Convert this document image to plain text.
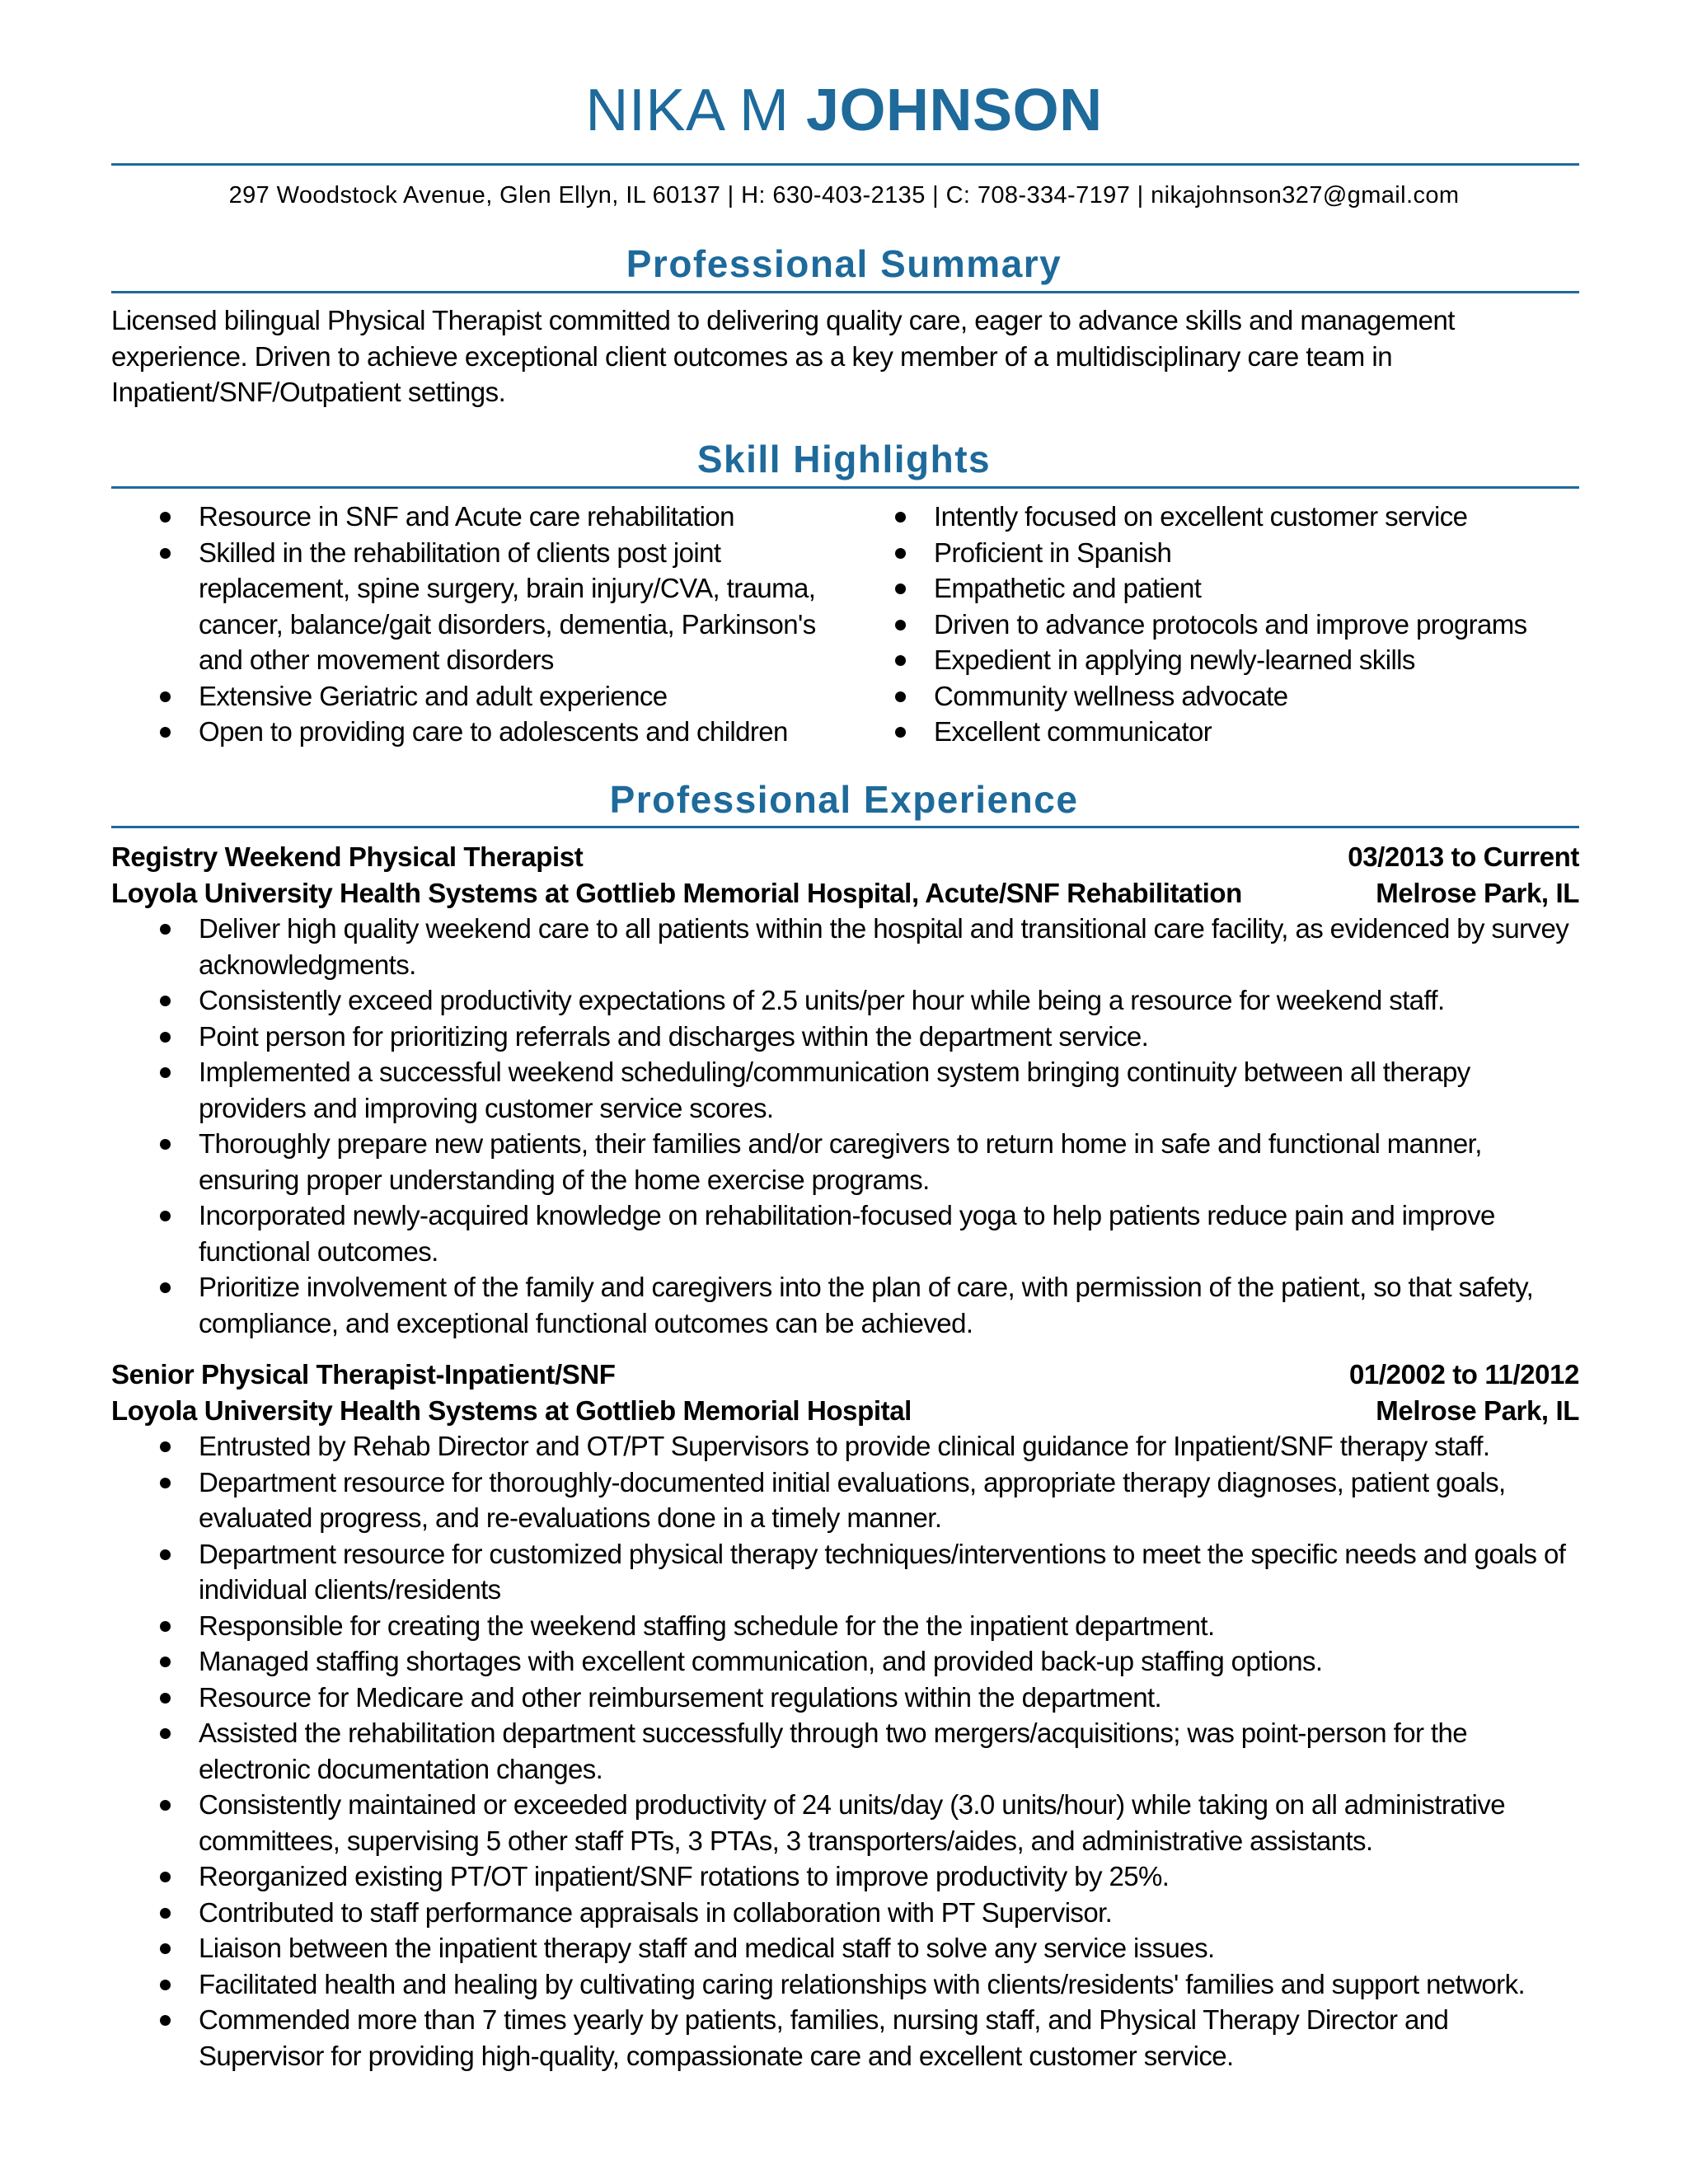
NIKA M JOHNSON
297 Woodstock Avenue, Glen Ellyn, IL 60137 | H: 630-403-2135 | C: 708-334-7197 | nikajohnson327@gmail.com
Professional Summary
Licensed bilingual Physical Therapist committed to delivering quality care, eager to advance skills and management experience. Driven to achieve exceptional client outcomes as a key member of a multidisciplinary care team in Inpatient/SNF/Outpatient settings.
Skill Highlights
Resource in SNF and Acute care rehabilitation
Skilled in the rehabilitation of clients post joint replacement, spine surgery, brain injury/CVA, trauma, cancer, balance/gait disorders, dementia, Parkinson's and other movement disorders
Extensive Geriatric and adult experience
Open to providing care to adolescents and children
Intently focused on excellent customer service
Proficient in Spanish
Empathetic and patient
Driven to advance protocols and improve programs
Expedient in applying newly-learned skills
Community wellness advocate
Excellent communicator
Professional Experience
Registry Weekend Physical Therapist	03/2013 to Current
Loyola University Health Systems at Gottlieb Memorial Hospital, Acute/SNF Rehabilitation	Melrose Park, IL
Deliver high quality weekend care to all patients within the hospital and transitional care facility, as evidenced by survey acknowledgments.
Consistently exceed productivity expectations of 2.5 units/per hour while being a resource for weekend staff.
Point person for prioritizing referrals and discharges within the department service.
Implemented a successful weekend scheduling/communication system bringing continuity between all therapy providers and improving customer service scores.
Thoroughly prepare new patients, their families and/or caregivers to return home in safe and functional manner, ensuring proper understanding of the home exercise programs.
Incorporated newly-acquired knowledge on rehabilitation-focused yoga to help patients reduce pain and improve functional outcomes.
Prioritize involvement of the family and caregivers into the plan of care, with permission of the patient, so that safety, compliance, and exceptional functional outcomes can be achieved.
Senior Physical Therapist-Inpatient/SNF	01/2002 to 11/2012
Loyola University Health Systems at Gottlieb Memorial Hospital	Melrose Park, IL
Entrusted by Rehab Director and OT/PT Supervisors to provide clinical guidance for Inpatient/SNF therapy staff.
Department resource for thoroughly-documented initial evaluations, appropriate therapy diagnoses, patient goals, evaluated progress, and re-evaluations done in a timely manner.
Department resource for customized physical therapy techniques/interventions to meet the specific needs and goals of individual clients/residents
Responsible for creating the weekend staffing schedule for the the inpatient department.
Managed staffing shortages with excellent communication, and provided back-up staffing options.
Resource for Medicare and other reimbursement regulations within the department.
Assisted the rehabilitation department successfully through two mergers/acquisitions; was point-person for the electronic documentation changes.
Consistently maintained or exceeded productivity of 24 units/day (3.0 units/hour) while taking on all administrative committees, supervising 5 other staff PTs, 3 PTAs, 3 transporters/aides, and administrative assistants.
Reorganized existing PT/OT inpatient/SNF rotations to improve productivity by 25%.
Contributed to staff performance appraisals in collaboration with PT Supervisor.
Liaison between the inpatient therapy staff and medical staff to solve any service issues.
Facilitated health and healing by cultivating caring relationships with clients/residents' families and support network.
Commended more than 7 times yearly by patients, families, nursing staff, and Physical Therapy Director and Supervisor for providing high-quality, compassionate care and excellent customer service.
